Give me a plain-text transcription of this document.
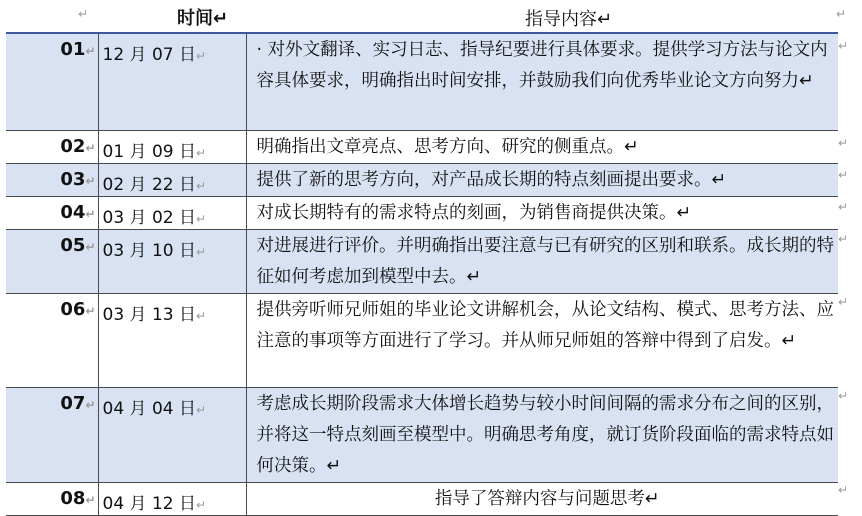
↵	时间↵	指导内容↵	↵
01↵	12 月 07 日↵	· 对外文翻译、实习日志、指导纪要进行具体要求。提供学习方法与论文内容具体要求，明确指出时间安排，并鼓励我们向优秀毕业论文方向努力↵
02↵	01 月 09 日↵	明确指出文章亮点、思考方向、研究的侧重点。↵
03↵	02 月 22 日↵	提供了新的思考方向，对产品成长期的特点刻画提出要求。↵
04↵	03 月 02 日↵	对成长期特有的需求特点的刻画，为销售商提供决策。↵
05↵	03 月 10 日↵	对进展进行评价。并明确指出要注意与已有研究的区别和联系。成长期的特征如何考虑加到模型中去。↵
06↵	03 月 13 日↵	提供旁听师兄师姐的毕业论文讲解机会，从论文结构、模式、思考方法、应注意的事项等方面进行了学习。并从师兄师姐的答辩中得到了启发。↵
07↵	04 月 04 日↵	考虑成长期阶段需求大体增长趋势与较小时间间隔的需求分布之间的区别，并将这一特点刻画至模型中。明确思考角度，就订货阶段面临的需求特点如何决策。↵
08↵	04 月 12 日↵	指导了答辩内容与问题思考↵
↵
↵
↵
↵
↵
↵
↵
↵
